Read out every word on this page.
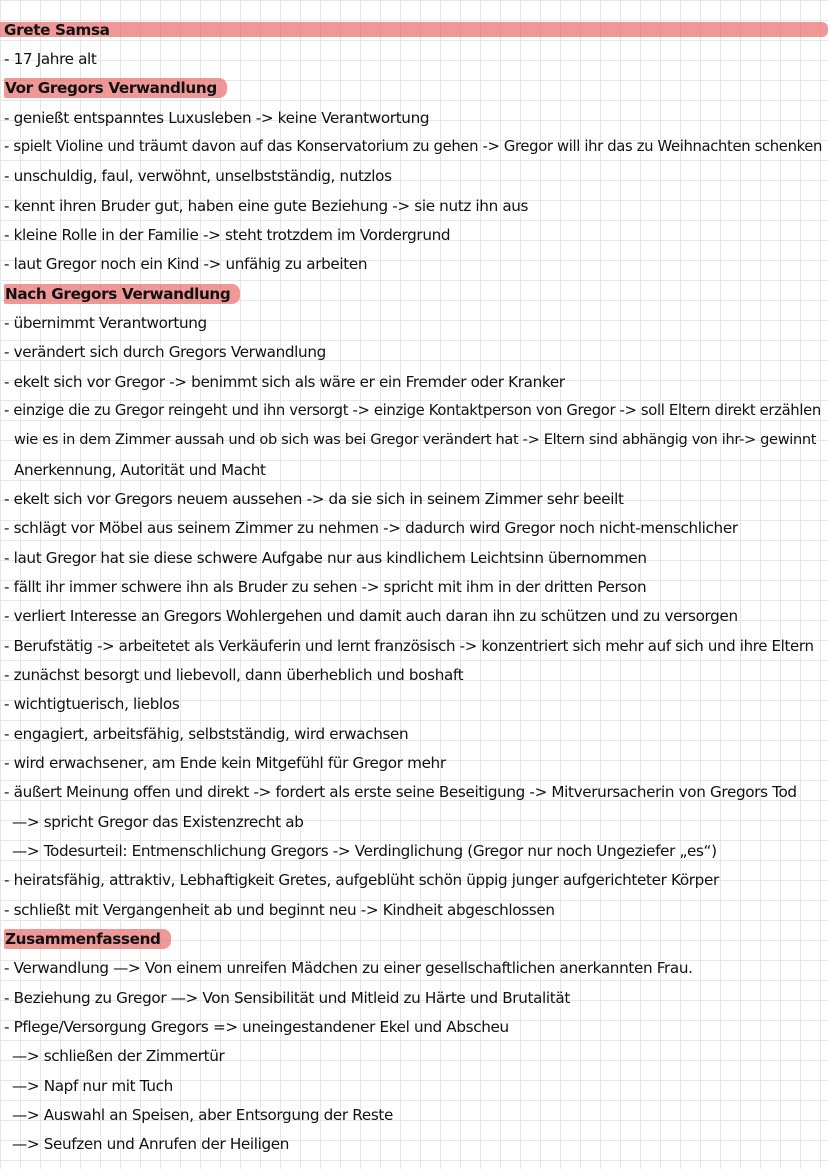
Grete Samsa
- 17 Jahre alt
Vor Gregors Verwandlung
- genießt entspanntes Luxusleben -> keine Verantwortung
- spielt Violine und träumt davon auf das Konservatorium zu gehen -> Gregor will ihr das zu Weihnachten schenken
- unschuldig, faul, verwöhnt, unselbstständig, nutzlos
- kennt ihren Bruder gut, haben eine gute Beziehung -> sie nutz ihn aus
- kleine Rolle in der Familie -> steht trotzdem im Vordergrund
- laut Gregor noch ein Kind -> unfähig zu arbeiten
Nach Gregors Verwandlung
- übernimmt Verantwortung
- verändert sich durch Gregors Verwandlung
- ekelt sich vor Gregor -> benimmt sich als wäre er ein Fremder oder Kranker
- einzige die zu Gregor reingeht und ihn versorgt -> einzige Kontaktperson von Gregor -> soll Eltern direkt erzählen
wie es in dem Zimmer aussah und ob sich was bei Gregor verändert hat -> Eltern sind abhängig von ihr-> gewinnt
Anerkennung, Autorität und Macht
- ekelt sich vor Gregors neuem aussehen -> da sie sich in seinem Zimmer sehr beeilt
- schlägt vor Möbel aus seinem Zimmer zu nehmen -> dadurch wird Gregor noch nicht-menschlicher
- laut Gregor hat sie diese schwere Aufgabe nur aus kindlichem Leichtsinn übernommen
- fällt ihr immer schwere ihn als Bruder zu sehen -> spricht mit ihm in der dritten Person
- verliert Interesse an Gregors Wohlergehen und damit auch daran ihn zu schützen und zu versorgen
- Berufstätig -> arbeitetet als Verkäuferin und lernt französisch -> konzentriert sich mehr auf sich und ihre Eltern
- zunächst besorgt und liebevoll, dann überheblich und boshaft
- wichtigtuerisch, lieblos
- engagiert, arbeitsfähig, selbstständig, wird erwachsen
- wird erwachsener, am Ende kein Mitgefühl für Gregor mehr
- äußert Meinung offen und direkt -> fordert als erste seine Beseitigung -> Mitverursacherin von Gregors Tod
—> spricht Gregor das Existenzrecht ab
—> Todesurteil: Entmenschlichung Gregors -> Verdinglichung (Gregor nur noch Ungeziefer „es“)
- heiratsfähig, attraktiv, Lebhaftigkeit Gretes, aufgeblüht schön üppig junger aufgerichteter Körper
- schließt mit Vergangenheit ab und beginnt neu -> Kindheit abgeschlossen
Zusammenfassend
- Verwandlung —> Von einem unreifen Mädchen zu einer gesellschaftlichen anerkannten Frau.
- Beziehung zu Gregor —> Von Sensibilität und Mitleid zu Härte und Brutalität
- Pflege/Versorgung Gregors => uneingestandener Ekel und Abscheu
—> schließen der Zimmertür
—> Napf nur mit Tuch
—> Auswahl an Speisen, aber Entsorgung der Reste
—> Seufzen und Anrufen der Heiligen
